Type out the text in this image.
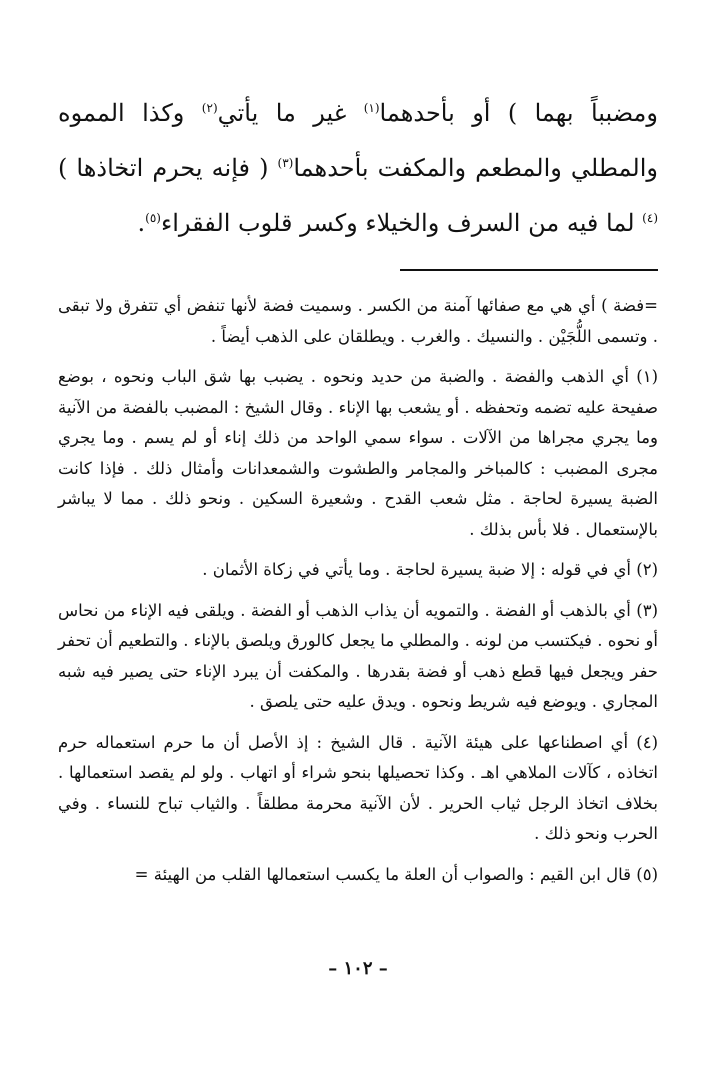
ومضبباً بهما ) أو بأحدهما$^{(١)}$ غير ما يأتي$^{(٢)}$ وكذا المموه والمطلي والمطعم والمكفت بأحدهما$^{(٣)}$ ( فإنه يحرم اتخاذها )$^{(٤)}$ لما فيه من السرف والخيلاء وكسر قلوب الفقراء$^{(٥)}$.

=فضة ) أي هي مع صفائها آمنة من الكسر . وسميت فضة لأنها تنفض أي تتفرق ولا تبقى . وتسمى اللُّجَيْن . والنسيك . والغرب . ويطلقان على الذهب أيضاً .

(١) أي الذهب والفضة . والضبة من حديد ونحوه . يضبب بها شق الباب ونحوه ، بوضع صفيحة عليه تضمه وتحفظه . أو يشعب بها الإناء . وقال الشيخ : المضبب بالفضة من الآنية وما يجري مجراها من الآلات . سواء سمي الواحد من ذلك إناء أو لم يسم . وما يجري مجرى المضبب : كالمباخر والمجامر والطشوت والشمعدانات وأمثال ذلك . فإذا كانت الضبة يسيرة لحاجة . مثل شعب القدح . وشعيرة السكين . ونحو ذلك . مما لا يباشر بالإستعمال . فلا بأس بذلك .

(٢) أي في قوله : إلا ضبة يسيرة لحاجة . وما يأتي في زكاة الأثمان .

(٣) أي بالذهب أو الفضة . والتمويه أن يذاب الذهب أو الفضة . ويلقى فيه الإناء من نحاس أو نحوه . فيكتسب من لونه . والمطلي ما يجعل كالورق ويلصق بالإناء . والتطعيم أن تحفر حفر ويجعل فيها قطع ذهب أو فضة بقدرها . والمكفت أن يبرد الإناء حتى يصير فيه شبه المجاري . ويوضع فيه شريط ونحوه . ويدق عليه حتى يلصق .

(٤) أي اصطناعها على هيئة الآنية . قال الشيخ : إذ الأصل أن ما حرم استعماله حرم اتخاذه ، كآلات الملاهي اهـ . وكذا تحصيلها بنحو شراء أو اتهاب . ولو لم يقصد استعمالها . بخلاف اتخاذ الرجل ثياب الحرير . لأن الآنية محرمة مطلقاً . والثياب تباح للنساء . وفي الحرب ونحو ذلك .

(٥) قال ابن القيم : والصواب أن العلة ما يكسب استعمالها القلب من الهيئة =

– ١٠٢ –
